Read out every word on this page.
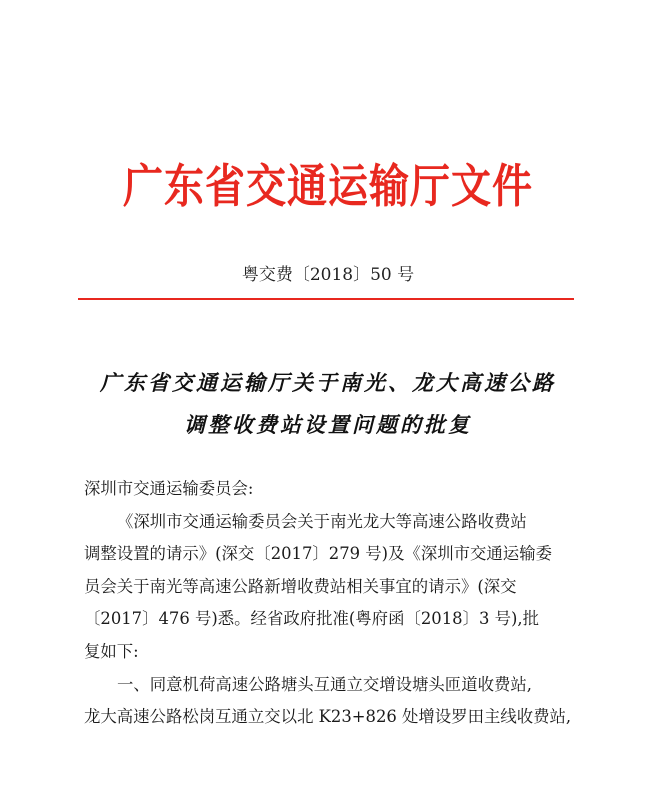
广东省交通运输厅文件
粤交费〔2018〕50 号
广东省交通运输厅关于南光、龙大高速公路
调整收费站设置问题的批复
深圳市交通运输委员会:
《深圳市交通运输委员会关于南光龙大等高速公路收费站
调整设置的请示》(深交〔2017〕279 号)及《深圳市交通运输委
员会关于南光等高速公路新增收费站相关事宜的请示》(深交
〔2017〕476 号)悉。经省政府批准(粤府函〔2018〕3 号),批
复如下:
一、同意机荷高速公路塘头互通立交增设塘头匝道收费站,
龙大高速公路松岗互通立交以北 K23+826 处增设罗田主线收费站,
